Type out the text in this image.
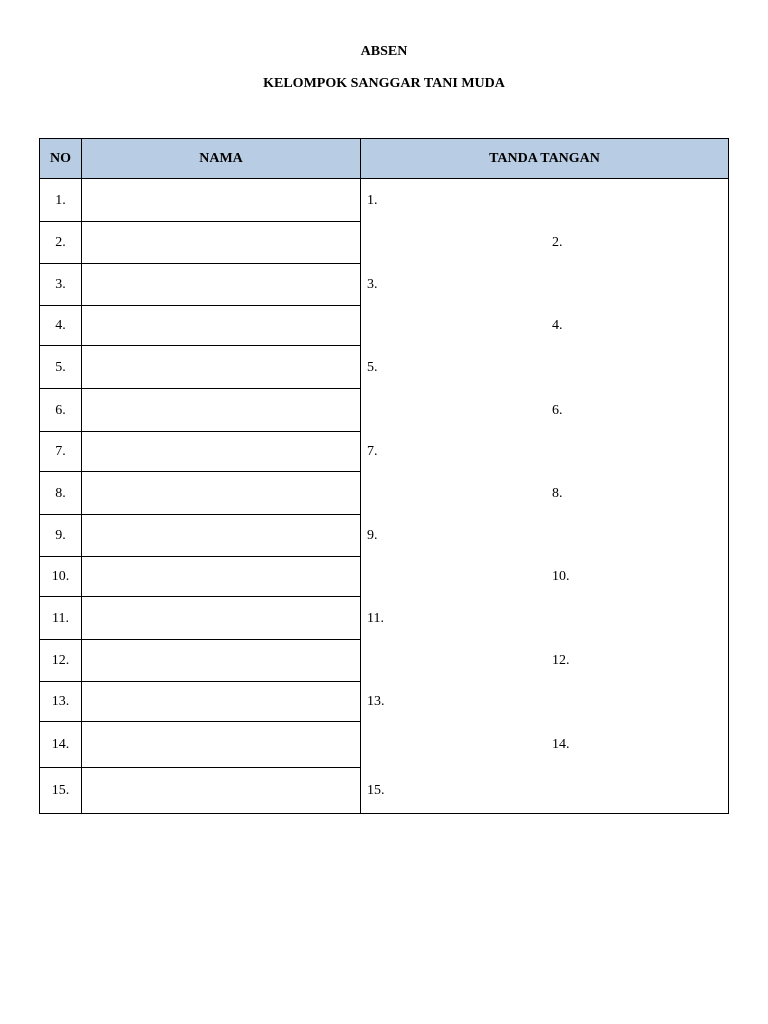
ABSEN
KELOMPOK SANGGAR TANI MUDA
NO	NAMA	TANDA TANGAN
1.
2.
3.
4.
5.
6.
7.
8.
9.
10.
11.
12.
13.
14.
15.
1.
2.
3.
4.
5.
6.
7.
8.
9.
10.
11.
12.
13.
14.
15.
